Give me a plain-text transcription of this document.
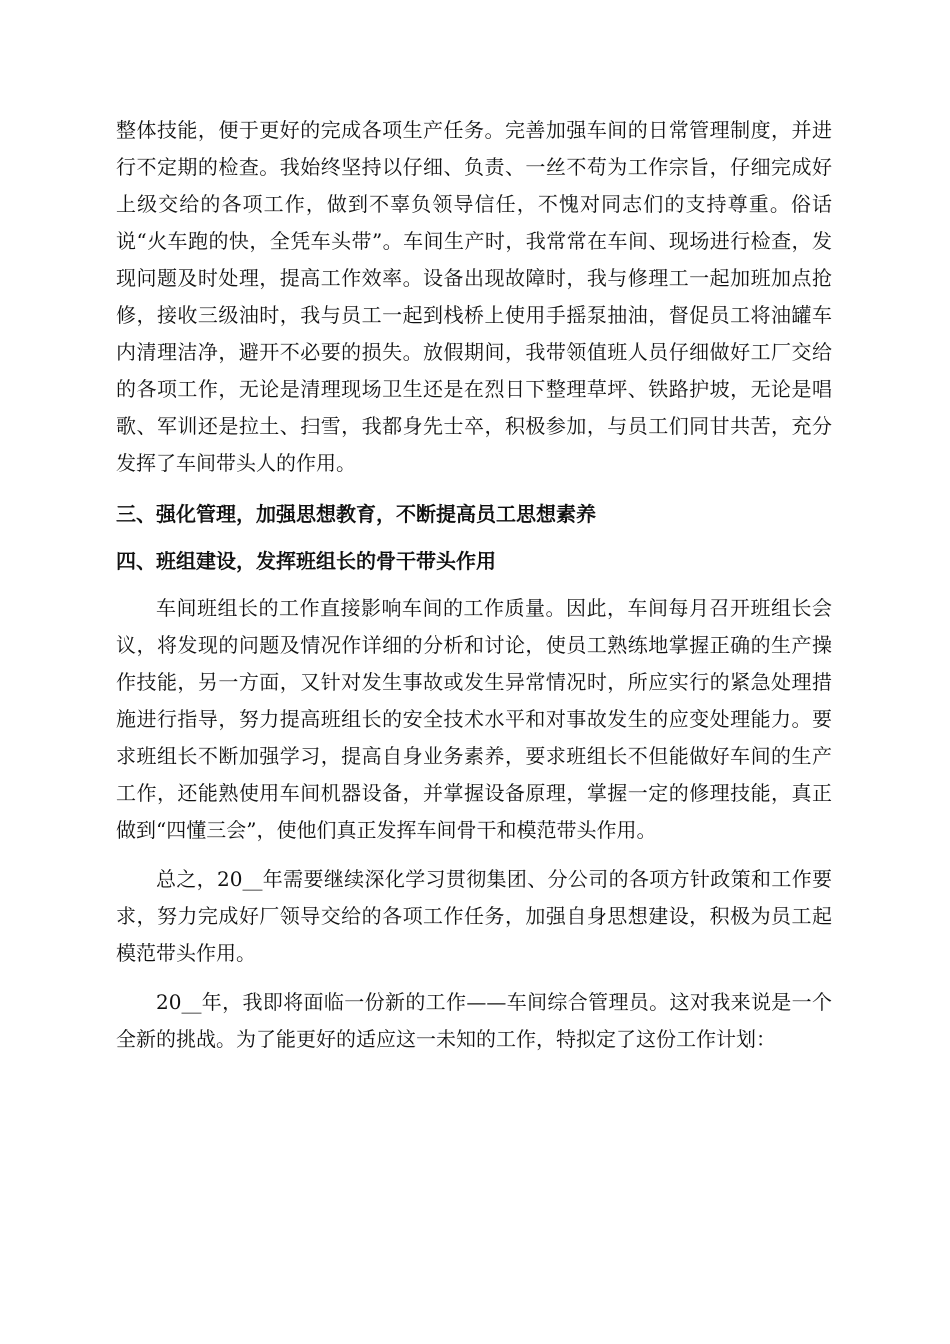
整体技能，便于更好的完成各项生产任务。完善加强车间的日常管理制度，并进行不定期的检查。我始终坚持以仔细、负责、一丝不苟为工作宗旨，仔细完成好上级交给的各项工作，做到不辜负领导信任，不愧对同志们的支持尊重。俗话说“火车跑的快，全凭车头带”。车间生产时，我常常在车间、现场进行检查，发现问题及时处理，提高工作效率。设备出现故障时，我与修理工一起加班加点抢修，接收三级油时，我与员工一起到栈桥上使用手摇泵抽油，督促员工将油罐车内清理洁净，避开不必要的损失。放假期间，我带领值班人员仔细做好工厂交给的各项工作，无论是清理现场卫生还是在烈日下整理草坪、铁路护坡，无论是唱歌、军训还是拉土、扫雪，我都身先士卒，积极参加，与员工们同甘共苦，充分发挥了车间带头人的作用。

三、强化管理，加强思想教育，不断提高员工思想素养

四、班组建设，发挥班组长的骨干带头作用

车间班组长的工作直接影响车间的工作质量。因此，车间每月召开班组长会议，将发现的问题及情况作详细的分析和讨论，使员工熟练地掌握正确的生产操作技能，另一方面，又针对发生事故或发生异常情况时，所应实行的紧急处理措施进行指导，努力提高班组长的安全技术水平和对事故发生的应变处理能力。要求班组长不断加强学习，提高自身业务素养，要求班组长不但能做好车间的生产工作，还能熟使用车间机器设备，并掌握设备原理，掌握一定的修理技能，真正做到“四懂三会”，使他们真正发挥车间骨干和模范带头作用。

总之，20__年需要继续深化学习贯彻集团、分公司的各项方针政策和工作要求，努力完成好厂领导交给的各项工作任务，加强自身思想建设，积极为员工起模范带头作用。

20__年，我即将面临一份新的工作——车间综合管理员。这对我来说是一个全新的挑战。为了能更好的适应这一未知的工作，特拟定了这份工作计划：
